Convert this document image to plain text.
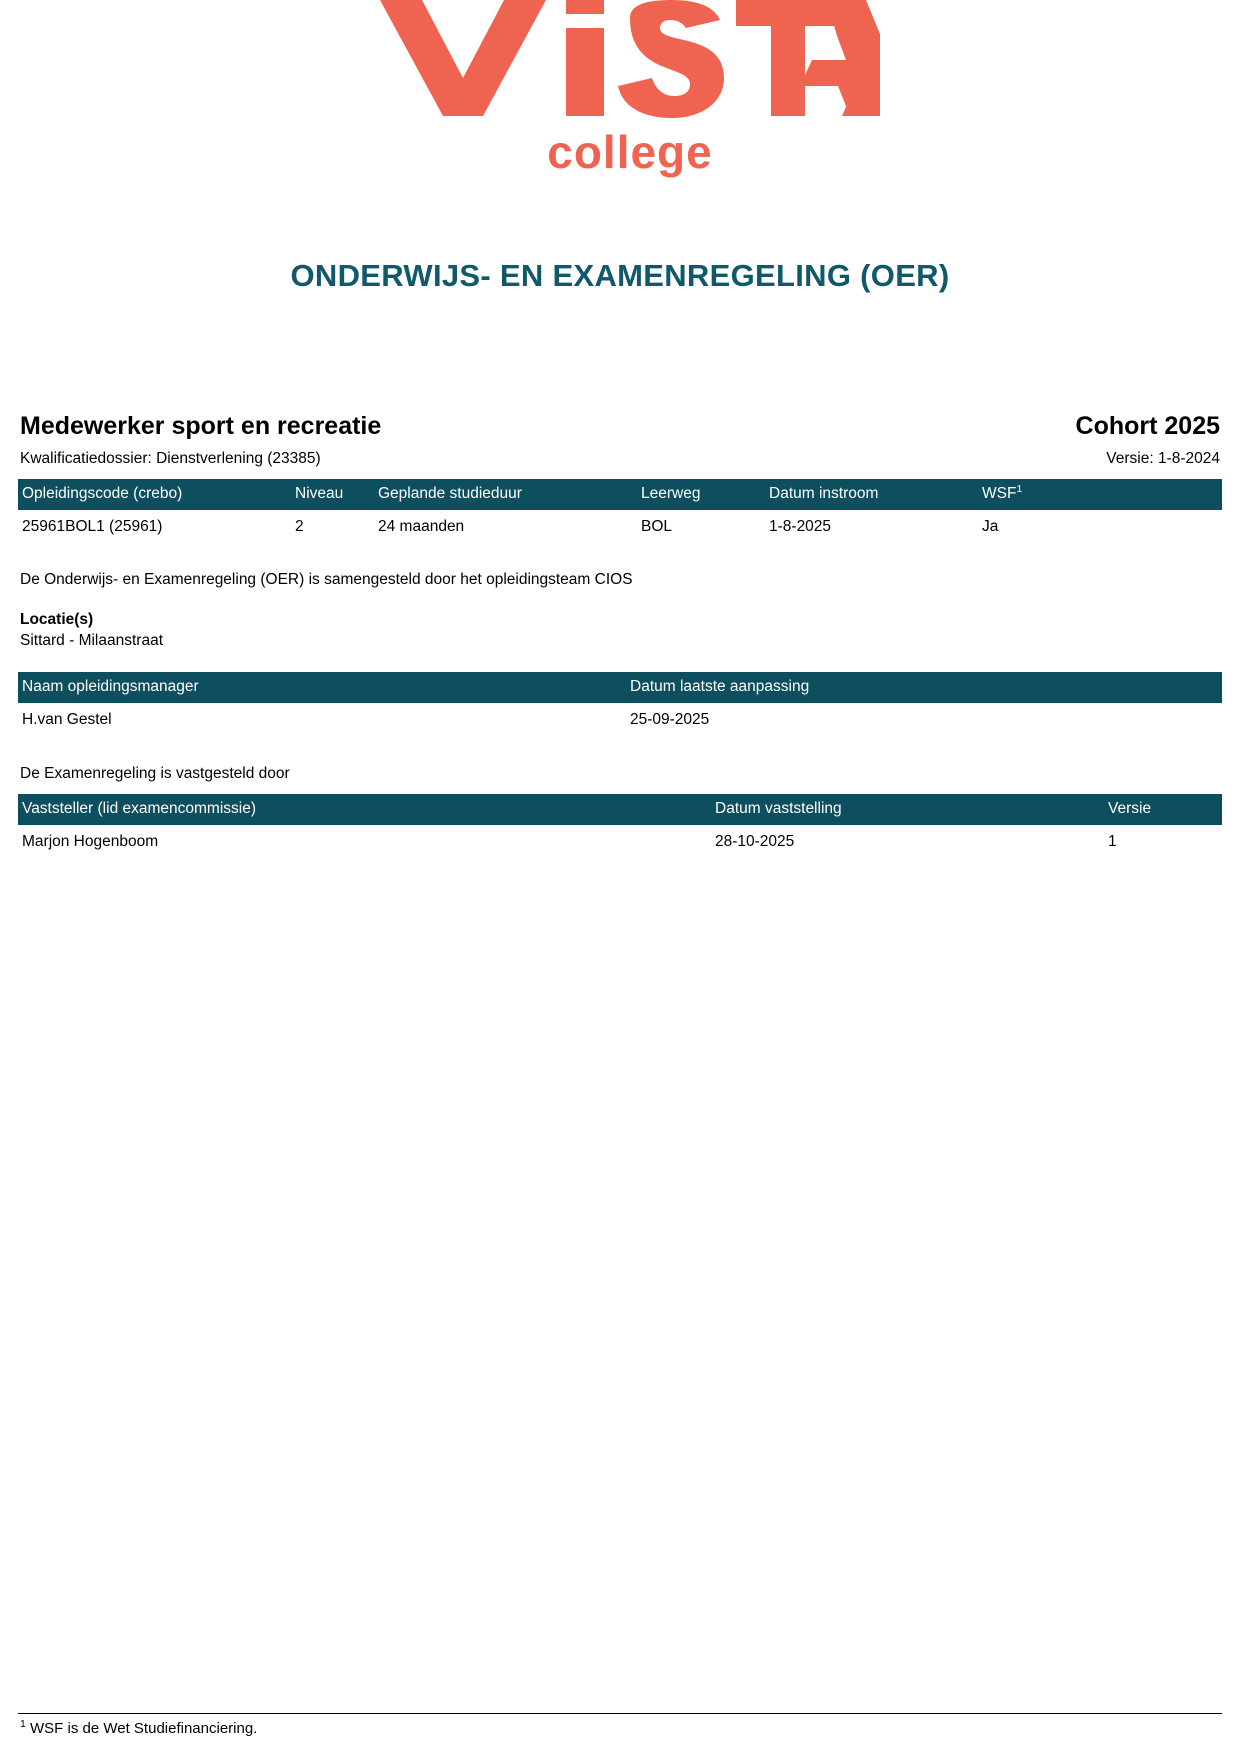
college
ONDERWIJS- EN EXAMENREGELING (OER)
Medewerker sport en recreatie	Cohort 2025
Kwalificatiedossier: Dienstverlening (23385)	Versie: 1-8-2024
Opleidingscode (crebo)	Niveau	Geplande studieduur	Leerweg	Datum instroom	WSF$^1$
25961BOL1 (25961)	2	24 maanden	BOL	1-8-2025	Ja
De Onderwijs- en Examenregeling (OER) is samengesteld door het opleidingsteam CIOS
Locatie(s)
Sittard - Milaanstraat
Naam opleidingsmanager	Datum laatste aanpassing
H.van Gestel	25-09-2025
De Examenregeling is vastgesteld door
Vaststeller (lid examencommissie)	Datum vaststelling	Versie
Marjon Hogenboom	28-10-2025	1
$^1$ WSF is de Wet Studiefinanciering.
